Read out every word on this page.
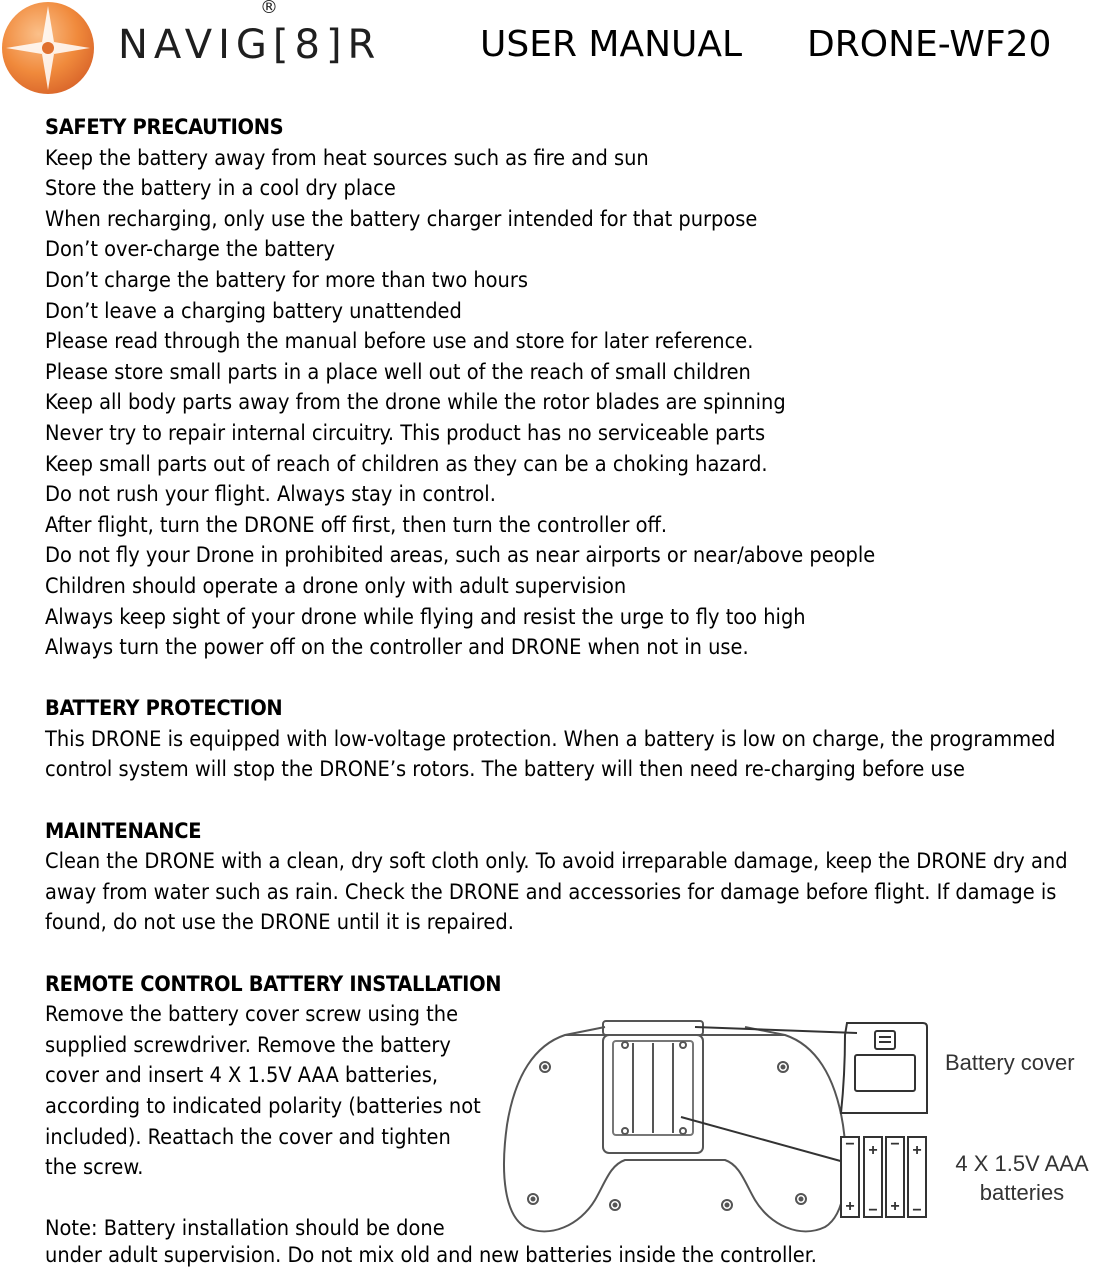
NAVIG[8]R
®
USER MANUAL DRONE-WF20
SAFETY PRECAUTIONS

Keep the battery away from heat sources such as fire and sun

Store the battery in a cool dry place

When recharging, only use the battery charger intended for that purpose

Don’t over-charge the battery

Don’t charge the battery for more than two hours

Don’t leave a charging battery unattended

Please read through the manual before use and store for later reference.

Please store small parts in a place well out of the reach of small children

Keep all body parts away from the drone while the rotor blades are spinning

Never try to repair internal circuitry. This product has no serviceable parts

Keep small parts out of reach of children as they can be a choking hazard.

Do not rush your flight. Always stay in control.

After flight, turn the DRONE off first, then turn the controller off.

Do not fly your Drone in prohibited areas, such as near airports or near/above people

Children should operate a drone only with adult supervision

Always keep sight of your drone while flying and resist the urge to fly too high

Always turn the power off on the controller and DRONE when not in use.

BATTERY PROTECTION

This DRONE is equipped with low-voltage protection. When a battery is low on charge, the programmed control system will stop the DRONE’s rotors. The battery will then need re-charging before use

MAINTENANCE

Clean the DRONE with a clean, dry soft cloth only. To avoid irreparable damage, keep the DRONE dry and away from water such as rain. Check the DRONE and accessories for damage before flight. If damage is found, do not use the DRONE until it is repaired.

REMOTE CONTROL BATTERY INSTALLATION

Remove the battery cover screw using the supplied screwdriver. Remove the battery cover and insert 4 X 1.5V AAA batteries, according to indicated polarity (batteries not included). Reattach the cover and tighten the screw.

Note: Battery installation should be done

under adult supervision. Do not mix old and new batteries inside the controller.
Battery cover
− + − +
+ − + −
4 X 1.5V AAA
batteries
